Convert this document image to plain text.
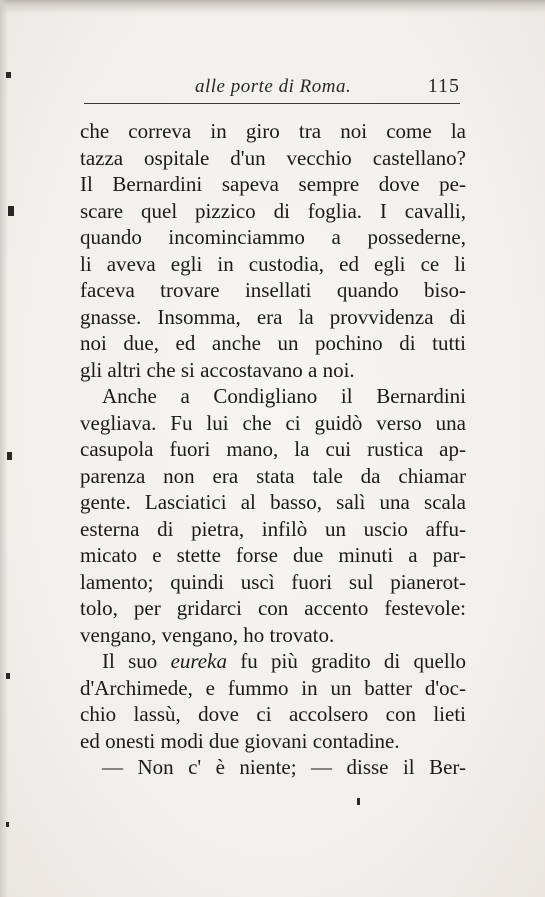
alle porte di Roma.	115
che correva in giro tra noi come la
tazza ospitale d'un vecchio castellano?
Il Bernardini sapeva sempre dove pe-
scare quel pizzico di foglia. I cavalli,
quando incominciammo a possederne,
li aveva egli in custodia, ed egli ce li
faceva trovare insellati quando biso-
gnasse. Insomma, era la provvidenza di
noi due, ed anche un pochino di tutti
gli altri che si accostavano a noi.
Anche a Condigliano il Bernardini
vegliava. Fu lui che ci guidò verso una
casupola fuori mano, la cui rustica ap-
parenza non era stata tale da chiamar
gente. Lasciatici al basso, salì una scala
esterna di pietra, infilò un uscio affu-
micato e stette forse due minuti a par-
lamento; quindi uscì fuori sul pianerot-
tolo, per gridarci con accento festevole:
vengano, vengano, ho trovato.
Il suo eureka fu più gradito di quello
d'Archimede, e fummo in un batter d'oc-
chio lassù, dove ci accolsero con lieti
ed onesti modi due giovani contadine.
— Non c' è niente; — disse il Ber-
